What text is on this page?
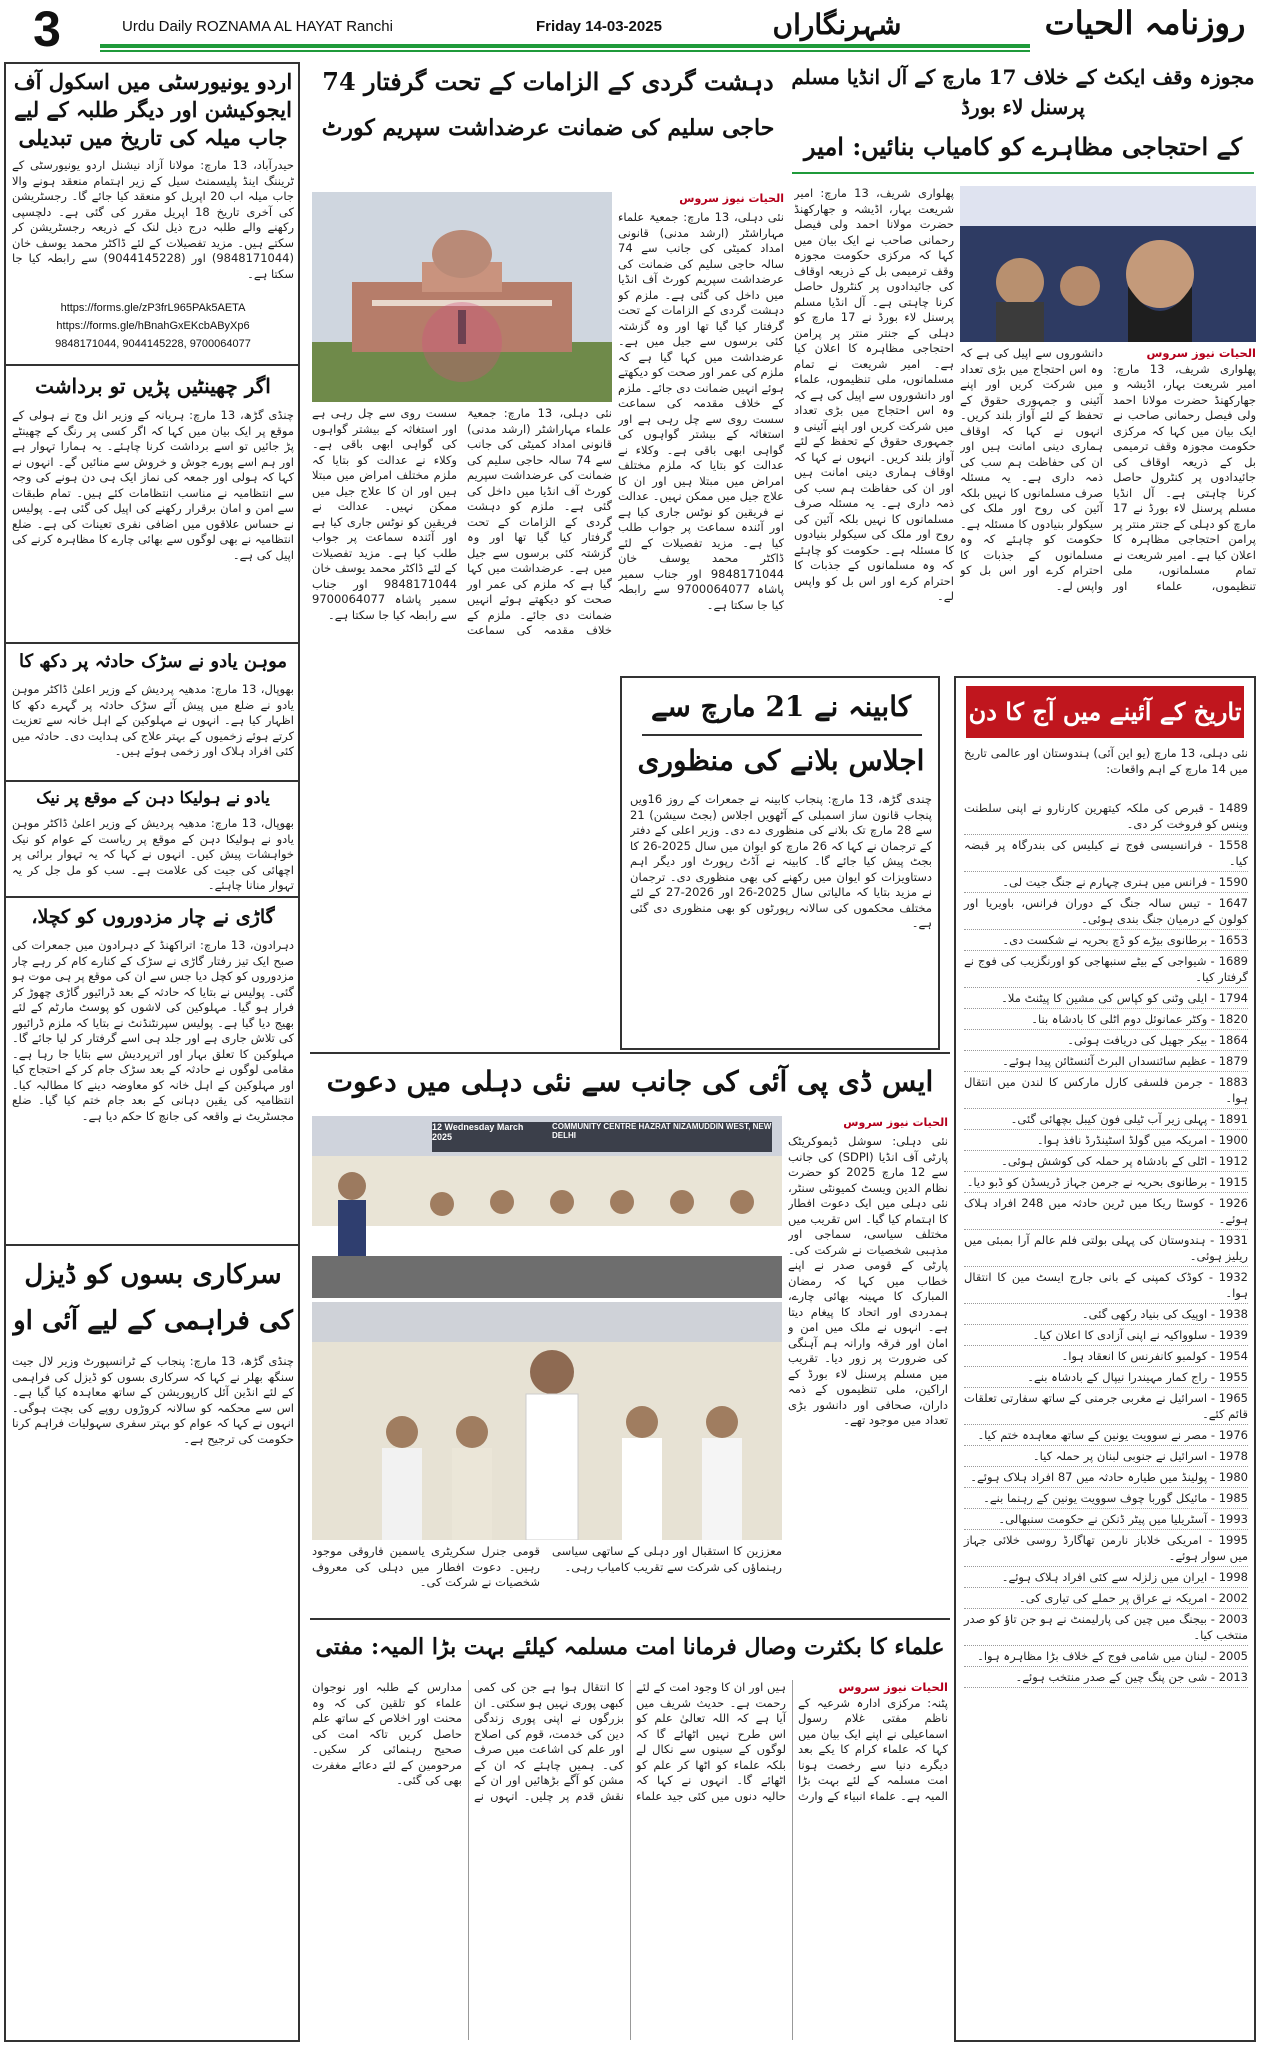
3	Urdu Daily ROZNAMA AL HAYAT Ranchi	Friday 14-03-2025	شہرنگاراں	روزنامہ الحیات
اردو یونیورسٹی میں اسکول آف ایجوکیشن اور دیگر طلبہ کے لیے جاب میلہ کی تاریخ میں تبدیلی
حیدرآباد، 13 مارچ: مولانا آزاد نیشنل اردو یونیورسٹی کے ٹریننگ اینڈ پلیسمنٹ سیل کے زیر اہتمام منعقد ہونے والا جاب میلہ اب 20 اپریل کو منعقد کیا جائے گا۔ رجسٹریشن کی آخری تاریخ 18 اپریل مقرر کی گئی ہے۔ دلچسپی رکھنے والے طلبہ درج ذیل لنک کے ذریعہ رجسٹریشن کر سکتے ہیں۔ مزید تفصیلات کے لئے ڈاکٹر محمد یوسف خان (9848171044) اور (9044145228) سے رابطہ کیا جا سکتا ہے۔
https://forms.gle/zP3frL965PAk5AETA
https://forms.gle/hBnahGxEKcbAByXp6
9848171044, 9044145228, 9700064077
اگر چھینٹیں پڑیں تو برداشت
چنڈی گڑھ، 13 مارچ: ہریانہ کے وزیر انل وج نے ہولی کے موقع پر ایک بیان میں کہا کہ اگر کسی پر رنگ کے چھینٹے پڑ جائیں تو اسے برداشت کرنا چاہئے۔ یہ ہمارا تہوار ہے اور ہم اسے پورے جوش و خروش سے منائیں گے۔ انہوں نے کہا کہ ہولی اور جمعہ کی نماز ایک ہی دن ہونے کی وجہ سے انتظامیہ نے مناسب انتظامات کئے ہیں۔ تمام طبقات سے امن و امان برقرار رکھنے کی اپیل کی گئی ہے۔ پولیس نے حساس علاقوں میں اضافی نفری تعینات کی ہے۔ ضلع انتظامیہ نے بھی لوگوں سے بھائی چارے کا مظاہرہ کرنے کی اپیل کی ہے۔
موہن یادو نے سڑک حادثہ پر دکھ کا
بھوپال، 13 مارچ: مدھیہ پردیش کے وزیر اعلیٰ ڈاکٹر موہن یادو نے ضلع میں پیش آئے سڑک حادثہ پر گہرے دکھ کا اظہار کیا ہے۔ انہوں نے مہلوکین کے اہل خانہ سے تعزیت کرتے ہوئے زخمیوں کے بہتر علاج کی ہدایت دی۔ حادثہ میں کئی افراد ہلاک اور زخمی ہوئے ہیں۔
یادو نے ہولیکا دہن کے موقع پر نیک
بھوپال، 13 مارچ: مدھیہ پردیش کے وزیر اعلیٰ ڈاکٹر موہن یادو نے ہولیکا دہن کے موقع پر ریاست کے عوام کو نیک خواہشات پیش کیں۔ انہوں نے کہا کہ یہ تہوار برائی پر اچھائی کی جیت کی علامت ہے۔ سب کو مل جل کر یہ تہوار منانا چاہئے۔
گاڑی نے چار مزدوروں کو کچلا،
دہرادون، 13 مارچ: اتراکھنڈ کے دہرادون میں جمعرات کی صبح ایک تیز رفتار گاڑی نے سڑک کے کنارے کام کر رہے چار مزدوروں کو کچل دیا جس سے ان کی موقع پر ہی موت ہو گئی۔ پولیس نے بتایا کہ حادثہ کے بعد ڈرائیور گاڑی چھوڑ کر فرار ہو گیا۔ مہلوکین کی لاشوں کو پوسٹ مارٹم کے لئے بھیج دیا گیا ہے۔ پولیس سپرنٹنڈنٹ نے بتایا کہ ملزم ڈرائیور کی تلاش جاری ہے اور جلد ہی اسے گرفتار کر لیا جائے گا۔ مہلوکین کا تعلق بہار اور اترپردیش سے بتایا جا رہا ہے۔ مقامی لوگوں نے حادثہ کے بعد سڑک جام کر کے احتجاج کیا اور مہلوکین کے اہل خانہ کو معاوضہ دینے کا مطالبہ کیا۔ انتظامیہ کی یقین دہانی کے بعد جام ختم کیا گیا۔ ضلع مجسٹریٹ نے واقعہ کی جانچ کا حکم دیا ہے۔
سرکاری بسوں کو ڈیزل کی فراہمی کے لیے آئی او
چنڈی گڑھ، 13 مارچ: پنجاب کے ٹرانسپورٹ وزیر لال جیت سنگھ بھلر نے کہا کہ سرکاری بسوں کو ڈیزل کی فراہمی کے لئے انڈین آئل کارپوریشن کے ساتھ معاہدہ کیا گیا ہے۔ اس سے محکمہ کو سالانہ کروڑوں روپے کی بچت ہوگی۔ انہوں نے کہا کہ عوام کو بہتر سفری سہولیات فراہم کرنا حکومت کی ترجیح ہے۔
دہشت گردی کے الزامات کے تحت گرفتار 74
حاجی سلیم کی ضمانت عرضداشت سپریم کورٹ
الحیات نیوز سروس
نئی دہلی، 13 مارچ: جمعیۃ علماء مہاراشٹر (ارشد مدنی) قانونی امداد کمیٹی کی جانب سے 74 سالہ حاجی سلیم کی ضمانت کی عرضداشت سپریم کورٹ آف انڈیا میں داخل کی گئی ہے۔ ملزم کو دہشت گردی کے الزامات کے تحت گرفتار کیا گیا تھا اور وہ گزشتہ کئی برسوں سے جیل میں ہے۔ عرضداشت میں کہا گیا ہے کہ ملزم کی عمر اور صحت کو دیکھتے ہوئے انہیں ضمانت دی جائے۔ ملزم کے خلاف مقدمہ کی سماعت سست روی سے چل رہی ہے اور استغاثہ کے بیشتر گواہوں کی گواہی ابھی باقی ہے۔ وکلاء نے عدالت کو بتایا کہ ملزم مختلف امراض میں مبتلا ہیں اور ان کا علاج جیل میں ممکن نہیں۔ عدالت نے فریقین کو نوٹس جاری کیا ہے اور آئندہ سماعت پر جواب طلب کیا ہے۔ مزید تفصیلات کے لئے ڈاکٹر محمد یوسف خان 9848171044 اور جناب سمیر پاشاہ 9700064077 سے رابطہ کیا جا سکتا ہے۔
نئی دہلی، 13 مارچ: جمعیۃ علماء مہاراشٹر (ارشد مدنی) قانونی امداد کمیٹی کی جانب سے 74 سالہ حاجی سلیم کی ضمانت کی عرضداشت سپریم کورٹ آف انڈیا میں داخل کی گئی ہے۔ ملزم کو دہشت گردی کے الزامات کے تحت گرفتار کیا گیا تھا اور وہ گزشتہ کئی برسوں سے جیل میں ہے۔ عرضداشت میں کہا گیا ہے کہ ملزم کی عمر اور صحت کو دیکھتے ہوئے انہیں ضمانت دی جائے۔ ملزم کے خلاف مقدمہ کی سماعت سست روی سے چل رہی ہے اور استغاثہ کے بیشتر گواہوں کی گواہی ابھی باقی ہے۔ وکلاء نے عدالت کو بتایا کہ ملزم مختلف امراض میں مبتلا ہیں اور ان کا علاج جیل میں ممکن نہیں۔ عدالت نے فریقین کو نوٹس جاری کیا ہے اور آئندہ سماعت پر جواب طلب کیا ہے۔ مزید تفصیلات کے لئے ڈاکٹر محمد یوسف خان 9848171044 اور جناب سمیر پاشاہ 9700064077 سے رابطہ کیا جا سکتا ہے۔
کابینہ نے 21 مارچ سے
اجلاس بلانے کی منظوری
چندی گڑھ، 13 مارچ: پنجاب کابینہ نے جمعرات کے روز 16ویں پنجاب قانون ساز اسمبلی کے آٹھویں اجلاس (بجٹ سیشن) 21 سے 28 مارچ تک بلانے کی منظوری دے دی۔ وزیر اعلی کے دفتر کے ترجمان نے کہا کہ 26 مارچ کو ایوان میں سال 2025-26 کا بجٹ پیش کیا جائے گا۔ کابینہ نے آڈٹ رپورٹ اور دیگر اہم دستاویزات کو ایوان میں رکھنے کی بھی منظوری دی۔ ترجمان نے مزید بتایا کہ مالیاتی سال 2025-26 اور 2026-27 کے لئے مختلف محکموں کی سالانہ رپورٹوں کو بھی منظوری دی گئی ہے۔
مجوزہ وقف ایکٹ کے خلاف 17 مارچ کے آل انڈیا مسلم پرسنل لاء بورڈ
کے احتجاجی مظاہرے کو کامیاب بنائیں: امیر
الحیات نیوز سروس
پھلواری شریف، 13 مارچ: امیر شریعت بہار، اڈیشہ و جھارکھنڈ حضرت مولانا احمد ولی فیصل رحمانی صاحب نے ایک بیان میں کہا کہ مرکزی حکومت مجوزہ وقف ترمیمی بل کے ذریعہ اوقاف کی جائیدادوں پر کنٹرول حاصل کرنا چاہتی ہے۔ آل انڈیا مسلم پرسنل لاء بورڈ نے 17 مارچ کو دہلی کے جنتر منتر پر پرامن احتجاجی مظاہرہ کا اعلان کیا ہے۔ امیر شریعت نے تمام مسلمانوں، ملی تنظیموں، علماء اور دانشوروں سے اپیل کی ہے کہ وہ اس احتجاج میں بڑی تعداد میں شرکت کریں اور اپنے آئینی و جمہوری حقوق کے تحفظ کے لئے آواز بلند کریں۔ انہوں نے کہا کہ اوقاف ہماری دینی امانت ہیں اور ان کی حفاظت ہم سب کی ذمہ داری ہے۔ یہ مسئلہ صرف مسلمانوں کا نہیں بلکہ آئین کی روح اور ملک کی سیکولر بنیادوں کا مسئلہ ہے۔ حکومت کو چاہئے کہ وہ مسلمانوں کے جذبات کا احترام کرے اور اس بل کو واپس لے۔
پھلواری شریف، 13 مارچ: امیر شریعت بہار، اڈیشہ و جھارکھنڈ حضرت مولانا احمد ولی فیصل رحمانی صاحب نے ایک بیان میں کہا کہ مرکزی حکومت مجوزہ وقف ترمیمی بل کے ذریعہ اوقاف کی جائیدادوں پر کنٹرول حاصل کرنا چاہتی ہے۔ آل انڈیا مسلم پرسنل لاء بورڈ نے 17 مارچ کو دہلی کے جنتر منتر پر پرامن احتجاجی مظاہرہ کا اعلان کیا ہے۔ امیر شریعت نے تمام مسلمانوں، ملی تنظیموں، علماء اور دانشوروں سے اپیل کی ہے کہ وہ اس احتجاج میں بڑی تعداد میں شرکت کریں اور اپنے آئینی و جمہوری حقوق کے تحفظ کے لئے آواز بلند کریں۔ انہوں نے کہا کہ اوقاف ہماری دینی امانت ہیں اور ان کی حفاظت ہم سب کی ذمہ داری ہے۔ یہ مسئلہ صرف مسلمانوں کا نہیں بلکہ آئین کی روح اور ملک کی سیکولر بنیادوں کا مسئلہ ہے۔ حکومت کو چاہئے کہ وہ مسلمانوں کے جذبات کا احترام کرے اور اس بل کو واپس لے۔
تاریخ کے آئینے میں آج کا دن
نئی دہلی، 13 مارچ (یو این آئی) ہندوستان اور عالمی تاریخ میں 14 مارچ کے اہم واقعات:
1489 - قبرص کی ملکہ کیتھرین کارنارو نے اپنی سلطنت وینس کو فروخت کر دی۔
1558 - فرانسیسی فوج نے کیلیس کی بندرگاہ پر قبضہ کیا۔
1590 - فرانس میں ہنری چہارم نے جنگ جیت لی۔
1647 - تیس سالہ جنگ کے دوران فرانس، باویریا اور کولون کے درمیان جنگ بندی ہوئی۔
1653 - برطانوی بیڑے کو ڈچ بحریہ نے شکست دی۔
1689 - شیواجی کے بیٹے سنبھاجی کو اورنگزیب کی فوج نے گرفتار کیا۔
1794 - ایلی وٹنی کو کپاس کی مشین کا پیٹنٹ ملا۔
1820 - وکٹر عمانوئل دوم اٹلی کا بادشاہ بنا۔
1864 - بیکر جھیل کی دریافت ہوئی۔
1879 - عظیم سائنسداں البرٹ آئنسٹائن پیدا ہوئے۔
1883 - جرمن فلسفی کارل مارکس کا لندن میں انتقال ہوا۔
1891 - پہلی زیر آب ٹیلی فون کیبل بچھائی گئی۔
1900 - امریکہ میں گولڈ اسٹینڈرڈ نافذ ہوا۔
1912 - اٹلی کے بادشاہ پر حملہ کی کوشش ہوئی۔
1915 - برطانوی بحریہ نے جرمن جہاز ڈریسڈن کو ڈبو دیا۔
1926 - کوسٹا ریکا میں ٹرین حادثہ میں 248 افراد ہلاک ہوئے۔
1931 - ہندوستان کی پہلی بولتی فلم عالم آرا بمبئی میں ریلیز ہوئی۔
1932 - کوڈک کمپنی کے بانی جارج ایسٹ مین کا انتقال ہوا۔
1938 - اوپیک کی بنیاد رکھی گئی۔
1939 - سلوواکیہ نے اپنی آزادی کا اعلان کیا۔
1954 - کولمبو کانفرنس کا انعقاد ہوا۔
1955 - راج کمار مہیندرا نیپال کے بادشاہ بنے۔
1965 - اسرائیل نے مغربی جرمنی کے ساتھ سفارتی تعلقات قائم کئے۔
1976 - مصر نے سوویت یونین کے ساتھ معاہدہ ختم کیا۔
1978 - اسرائیل نے جنوبی لبنان پر حملہ کیا۔
1980 - پولینڈ میں طیارہ حادثہ میں 87 افراد ہلاک ہوئے۔
1985 - مائیکل گوربا چوف سوویت یونین کے رہنما بنے۔
1993 - آسٹریلیا میں پیٹر ڈنکن نے حکومت سنبھالی۔
1995 - امریکی خلاباز نارمن تھاگارڈ روسی خلائی جہاز میں سوار ہوئے۔
1998 - ایران میں زلزلہ سے کئی افراد ہلاک ہوئے۔
2002 - امریکہ نے عراق پر حملے کی تیاری کی۔
2003 - بیجنگ میں چین کی پارلیمنٹ نے ہو جن تاؤ کو صدر منتخب کیا۔
2005 - لبنان میں شامی فوج کے خلاف بڑا مظاہرہ ہوا۔
2013 - شی جن پنگ چین کے صدر منتخب ہوئے۔
ایس ڈی پی آئی کی جانب سے نئی دہلی میں دعوت
12 Wednesday March 2025
COMMUNITY CENTRE HAZRAT NIZAMUDDIN WEST, NEW DELHI
الحیات نیوز سروس
نئی دہلی: سوشل ڈیموکریٹک پارٹی آف انڈیا (SDPI) کی جانب سے 12 مارچ 2025 کو حضرت نظام الدین ویسٹ کمیونٹی سنٹر، نئی دہلی میں ایک دعوت افطار کا اہتمام کیا گیا۔ اس تقریب میں مختلف سیاسی، سماجی اور مذہبی شخصیات نے شرکت کی۔ پارٹی کے قومی صدر نے اپنے خطاب میں کہا کہ رمضان المبارک کا مہینہ بھائی چارے، ہمدردی اور اتحاد کا پیغام دیتا ہے۔ انہوں نے ملک میں امن و امان اور فرقہ وارانہ ہم آہنگی کی ضرورت پر زور دیا۔ تقریب میں مسلم پرسنل لاء بورڈ کے اراکین، ملی تنظیموں کے ذمہ داران، صحافی اور دانشور بڑی تعداد میں موجود تھے۔
قومی جنرل سکریٹری یاسمین فاروقی موجود رہیں۔ دعوت افطار میں دہلی کی معروف شخصیات نے شرکت کی۔
معززین کا استقبال اور دہلی کے ساتھی سیاسی رہنماؤں کی شرکت سے تقریب کامیاب رہی۔
علماء کا بکثرت وصال فرمانا امت مسلمہ کیلئے بہت بڑا المیہ: مفتی
الحیات نیوز سروس
پٹنہ: مرکزی ادارہ شرعیہ کے ناظم مفتی غلام رسول اسماعیلی نے اپنے ایک بیان میں کہا کہ علماء کرام کا یکے بعد دیگرے دنیا سے رخصت ہونا امت مسلمہ کے لئے بہت بڑا المیہ ہے۔ علماء انبیاء کے وارث ہیں اور ان کا وجود امت کے لئے رحمت ہے۔ حدیث شریف میں آیا ہے کہ اللہ تعالیٰ علم کو اس طرح نہیں اٹھائے گا کہ لوگوں کے سینوں سے نکال لے بلکہ علماء کو اٹھا کر علم کو اٹھائے گا۔ انہوں نے کہا کہ حالیہ دنوں میں کئی جید علماء کا انتقال ہوا ہے جن کی کمی کبھی پوری نہیں ہو سکتی۔ ان بزرگوں نے اپنی پوری زندگی دین کی خدمت، قوم کی اصلاح اور علم کی اشاعت میں صرف کی۔ ہمیں چاہئے کہ ان کے مشن کو آگے بڑھائیں اور ان کے نقش قدم پر چلیں۔ انہوں نے مدارس کے طلبہ اور نوجوان علماء کو تلقین کی کہ وہ محنت اور اخلاص کے ساتھ علم حاصل کریں تاکہ امت کی صحیح رہنمائی کر سکیں۔ مرحومین کے لئے دعائے مغفرت بھی کی گئی۔
